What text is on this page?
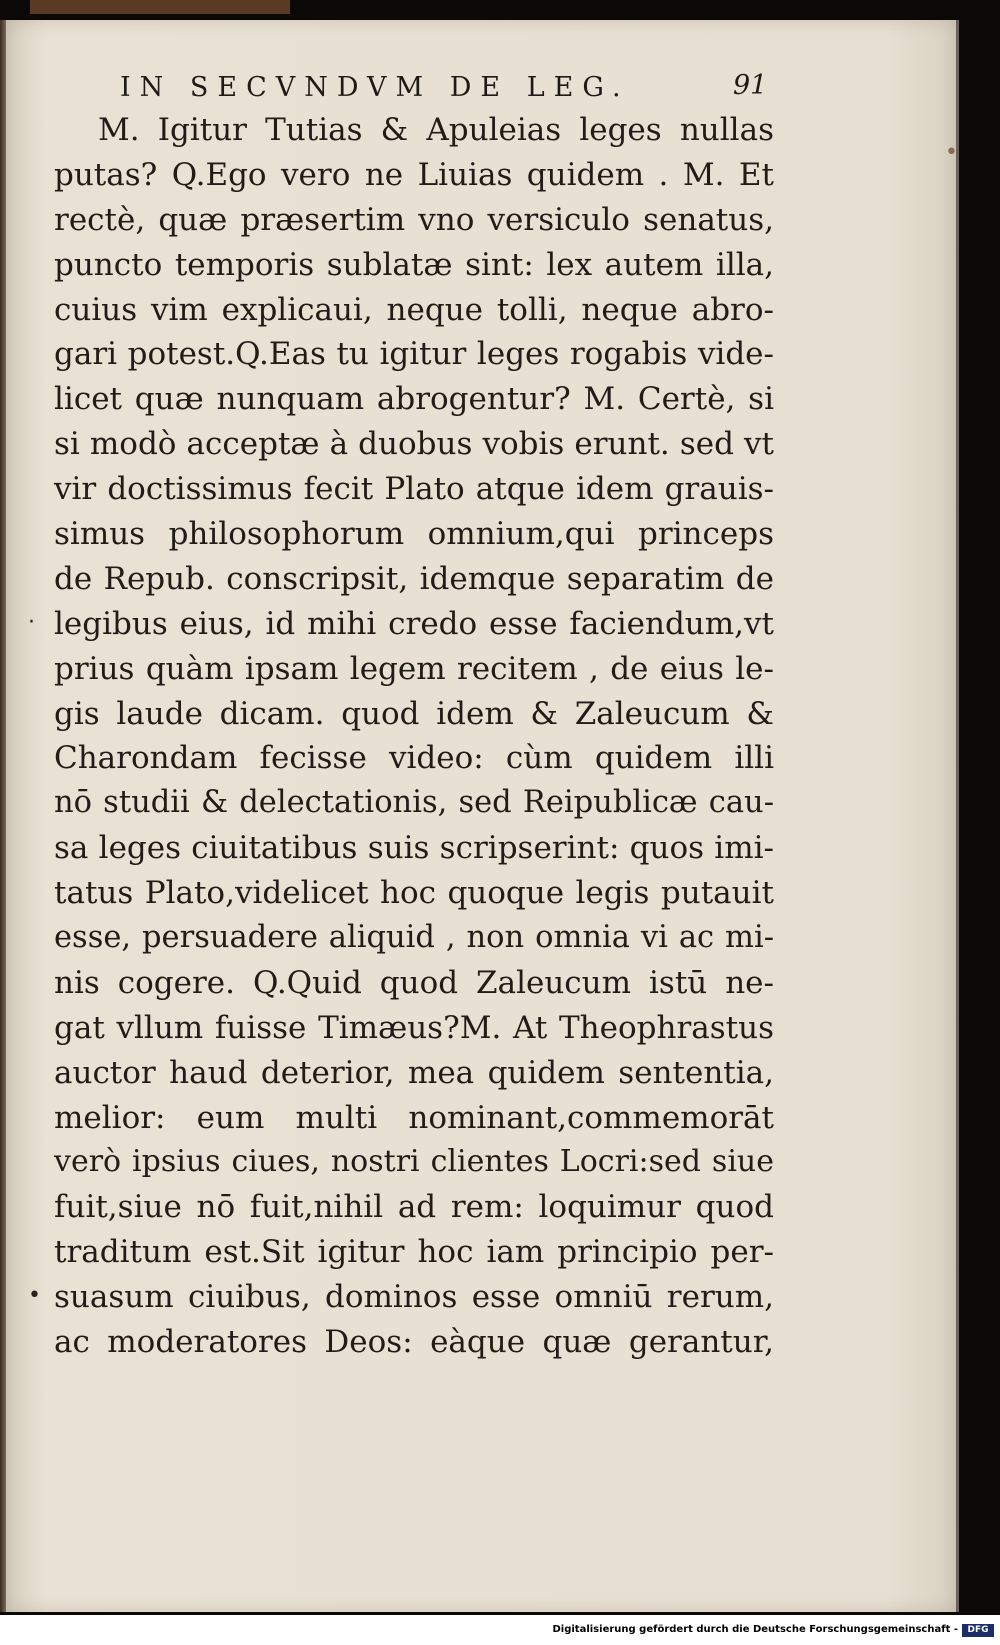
IN SECVNDVM DE LEG.	91
M. Igitur Tutias & Apuleias leges nullas
putas? Q.Ego vero ne Liuias quidem . M. Et
rectè, quæ præsertim vno versiculo senatus,
puncto temporis sublatæ sint: lex autem illa,
cuius vim explicaui, neque tolli, neque abro-
gari potest.Q.Eas tu igitur leges rogabis vide-
licet quæ nunquam abrogentur? M. Certè, si
si modò acceptæ à duobus vobis erunt. sed vt
vir doctissimus fecit Plato atque idem grauis-
simus philosophorum omnium,qui princeps
de Repub. conscripsit, idemque separatim de
legibus eius, id mihi credo esse faciendum,vt
prius quàm ipsam legem recitem , de eius le-
gis laude dicam. quod idem & Zaleucum &
Charondam fecisse video: cùm quidem illi
nō studii & delectationis, sed Reipublicæ cau-
sa leges ciuitatibus suis scripserint: quos imi-
tatus Plato,videlicet hoc quoque legis putauit
esse, persuadere aliquid , non omnia vi ac mi-
nis cogere. Q.Quid quod Zaleucum istū ne-
gat vllum fuisse Timæus?M. At Theophrastus
auctor haud deterior, mea quidem sententia,
melior: eum multi nominant,commemorāt
verò ipsius ciues, nostri clientes Locri:sed siue
fuit,siue nō fuit,nihil ad rem: loquimur quod
traditum est.Sit igitur hoc iam principio per-
suasum ciuibus, dominos esse omniū rerum,
ac moderatores Deos: eàque quæ gerantur,
·
•
•
Digitalisierung gefördert durch die Deutsche Forschungsgemeinschaft -	DFG
